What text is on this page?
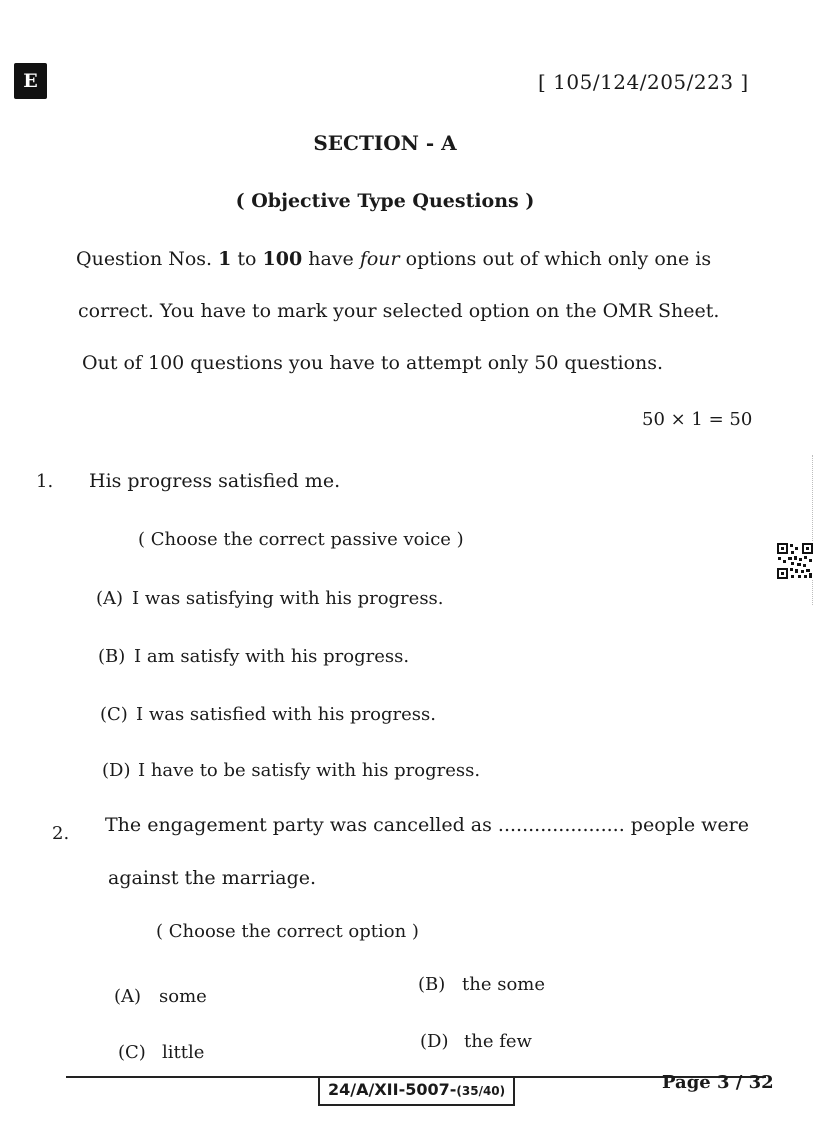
E	[ 105/124/205/223 ]
SECTION - A
( Objective Type Questions )
Question Nos. 1 to 100 have four options out of which only one is
correct. You have to mark your selected option on the OMR Sheet.
Out of 100 questions you have to attempt only 50 questions.
50 × 1 = 50
1. His progress satisfied me.
( Choose the correct passive voice )
(A) I was satisfying with his progress.
(B) I am satisfy with his progress.
(C) I was satisfied with his progress.
(D) I have to be satisfy with his progress.
2. The engagement party was cancelled as ..................... people were
against the marriage.
( Choose the correct option )
(A) some
(B) the some
(C) little
(D) the few
24/A/XII-5007-(35/40)	Page 3 / 32
